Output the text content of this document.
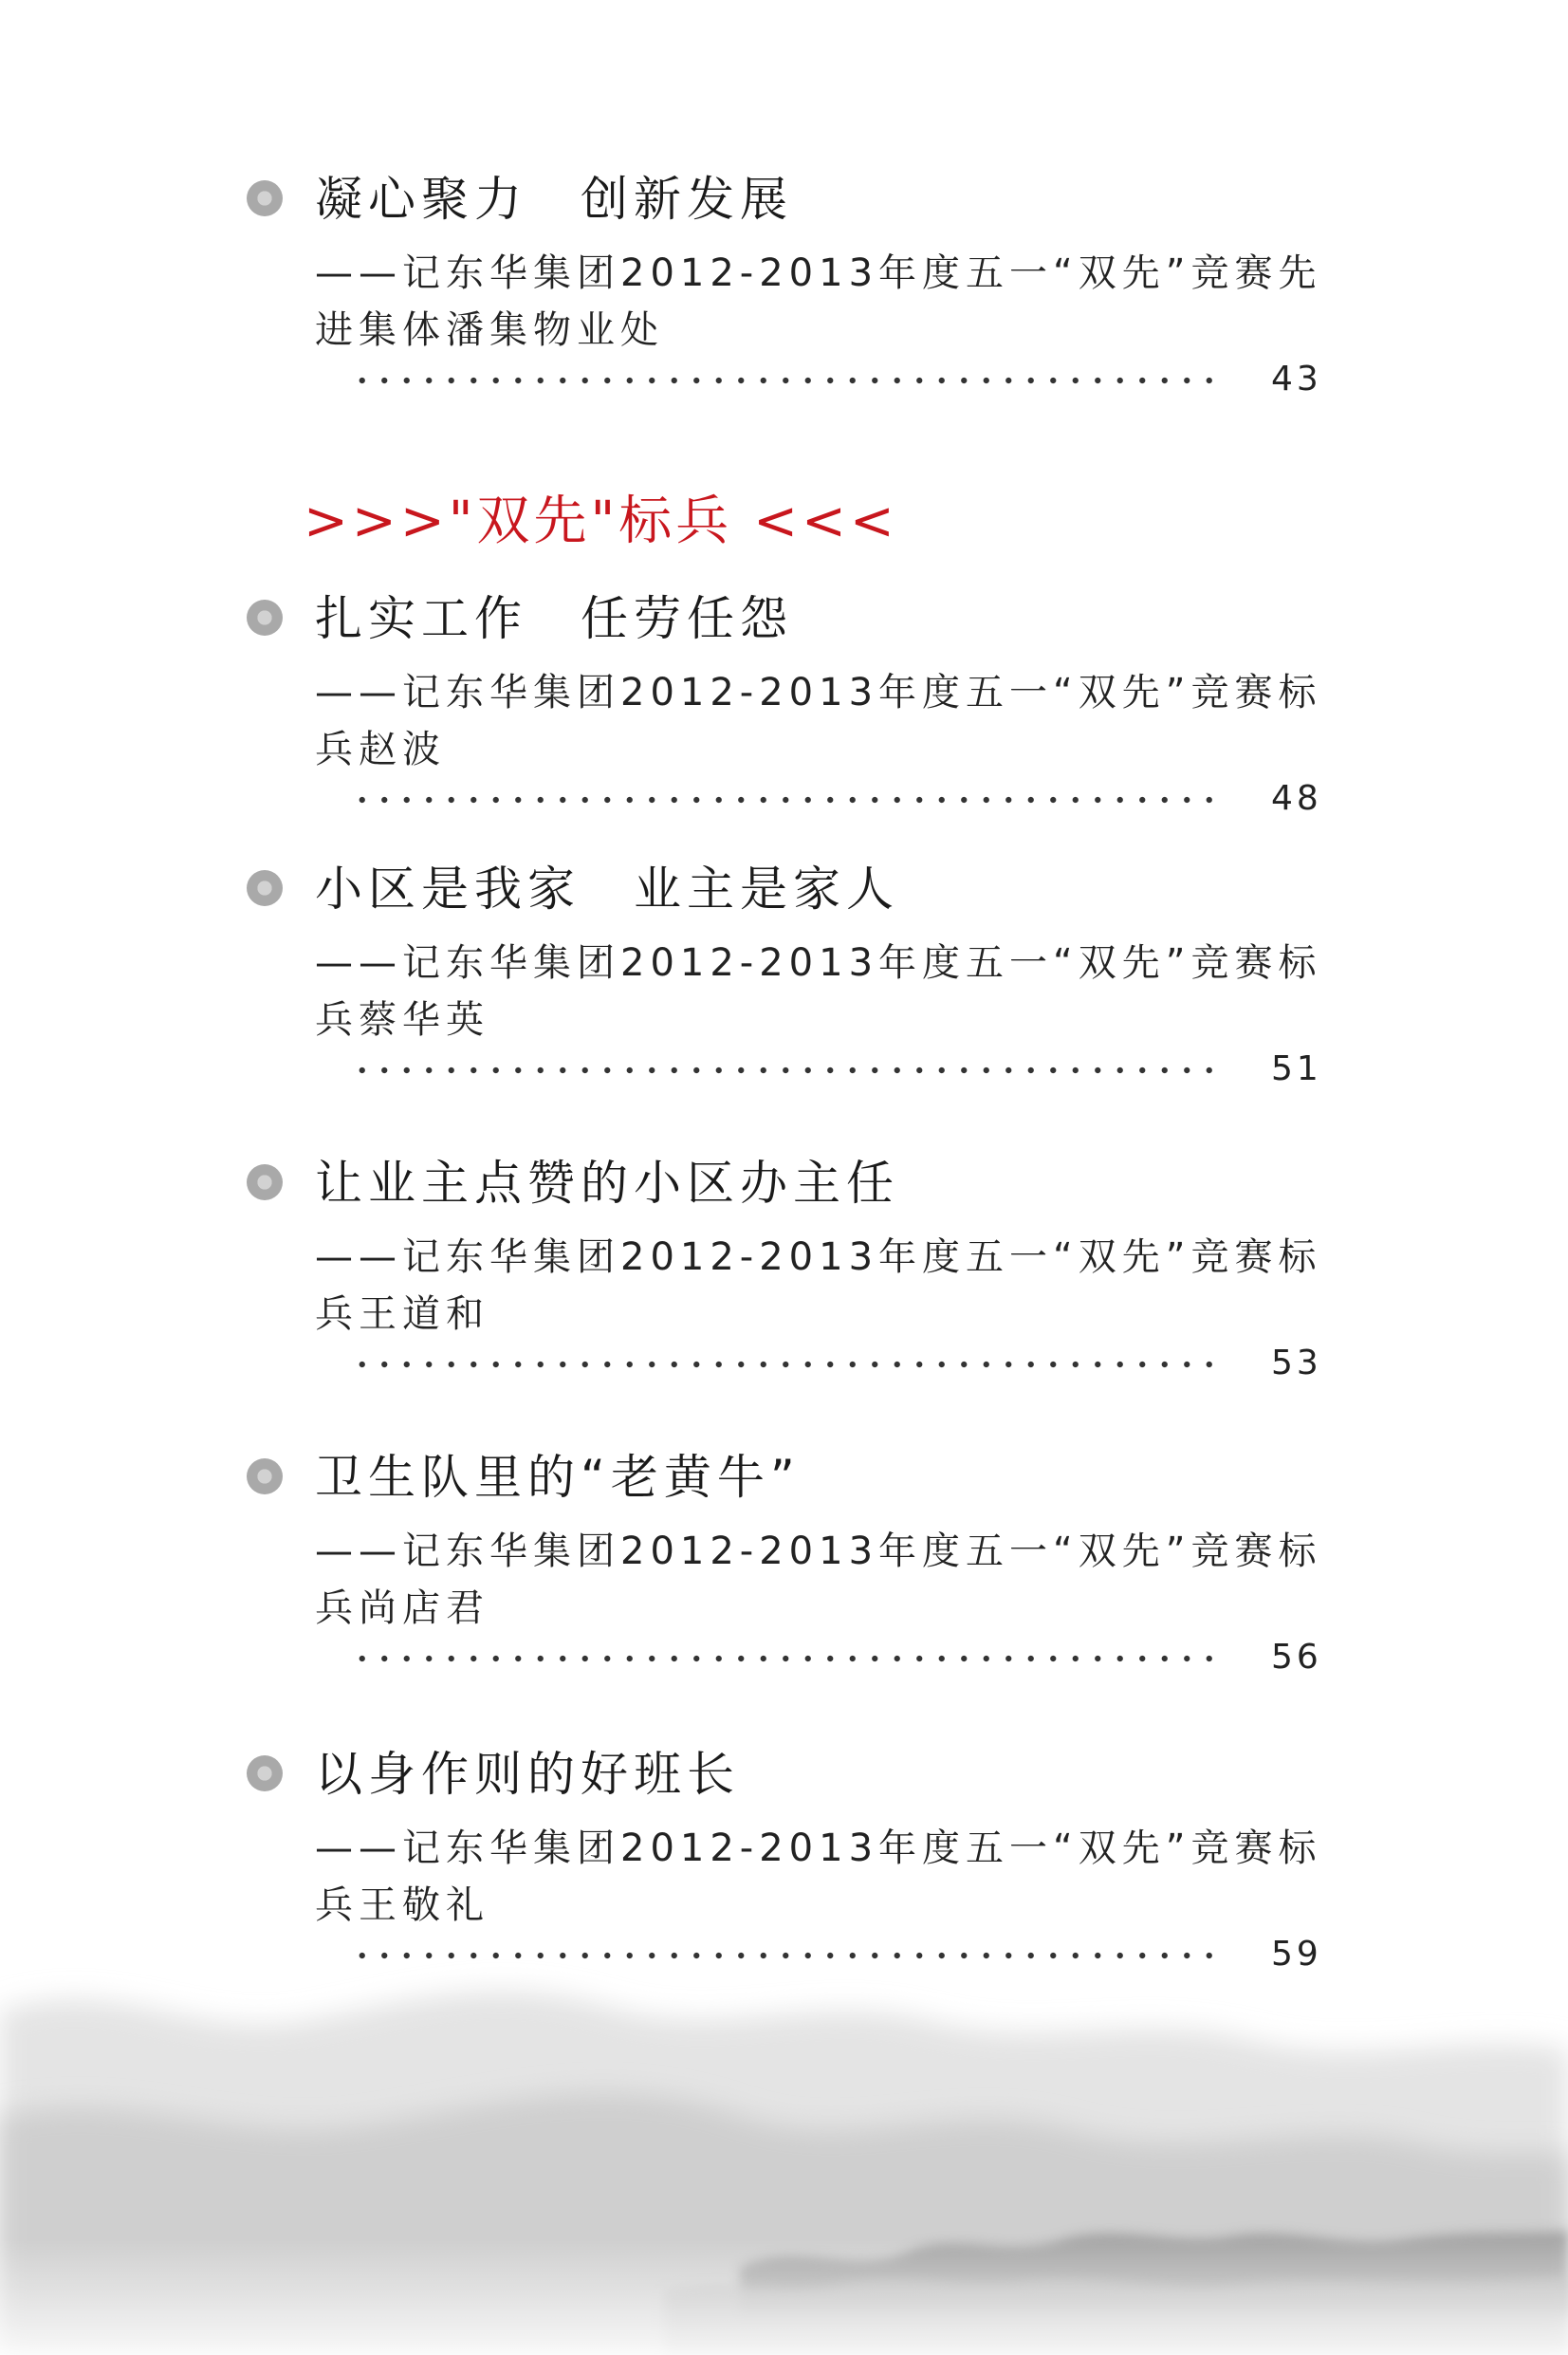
凝心聚力　创新发展
——记东华集团2012-2013年度五一“双先”竞赛先进集体潘集物业处
43
>>>"双先"标兵 <<<
扎实工作　任劳任怨
——记东华集团2012-2013年度五一“双先”竞赛标兵赵波
48
小区是我家　业主是家人
——记东华集团2012-2013年度五一“双先”竞赛标兵蔡华英
51
让业主点赞的小区办主任
——记东华集团2012-2013年度五一“双先”竞赛标兵王道和
53
卫生队里的“老黄牛”
——记东华集团2012-2013年度五一“双先”竞赛标兵尚店君
56
以身作则的好班长
——记东华集团2012-2013年度五一“双先”竞赛标兵王敬礼
59
